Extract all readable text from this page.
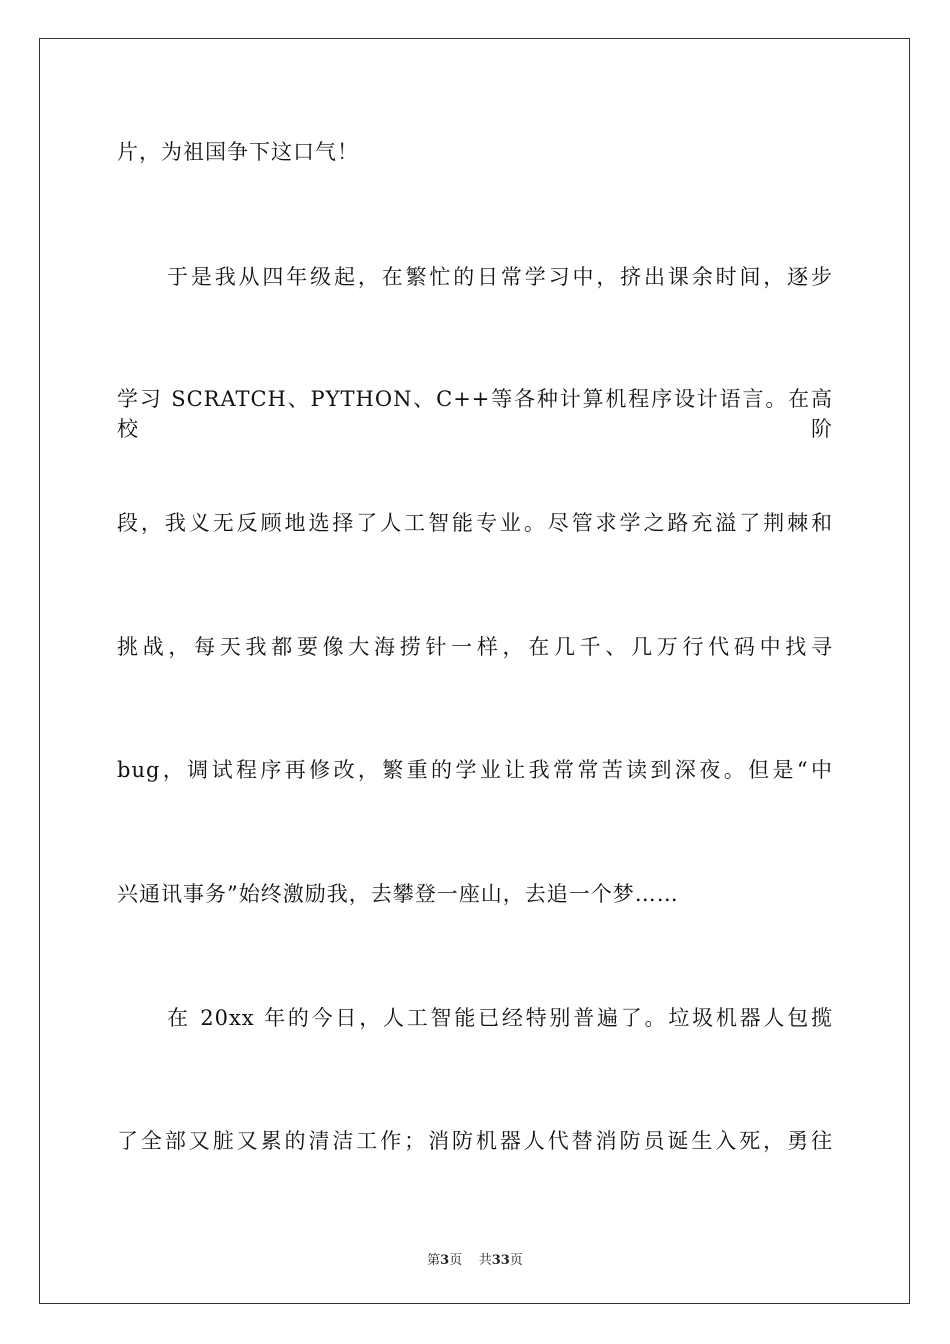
片，为祖国争下这口气！
于是我从四年级起，在繁忙的日常学习中，挤出课余时间，逐步
学习 SCRATCH、PYTHON、C++等各种计算机程序设计语言。在高校阶
段，我义无反顾地选择了人工智能专业。尽管求学之路充溢了荆棘和
挑战，每天我都要像大海捞针一样，在几千、几万行代码中找寻
bug，调试程序再修改，繁重的学业让我常常苦读到深夜。但是“中
兴通讯事务”始终激励我，去攀登一座山，去追一个梦……
在 20xx 年的今日，人工智能已经特别普遍了。垃圾机器人包揽
了全部又脏又累的清洁工作；消防机器人代替消防员诞生入死，勇往
第3页 共33页
